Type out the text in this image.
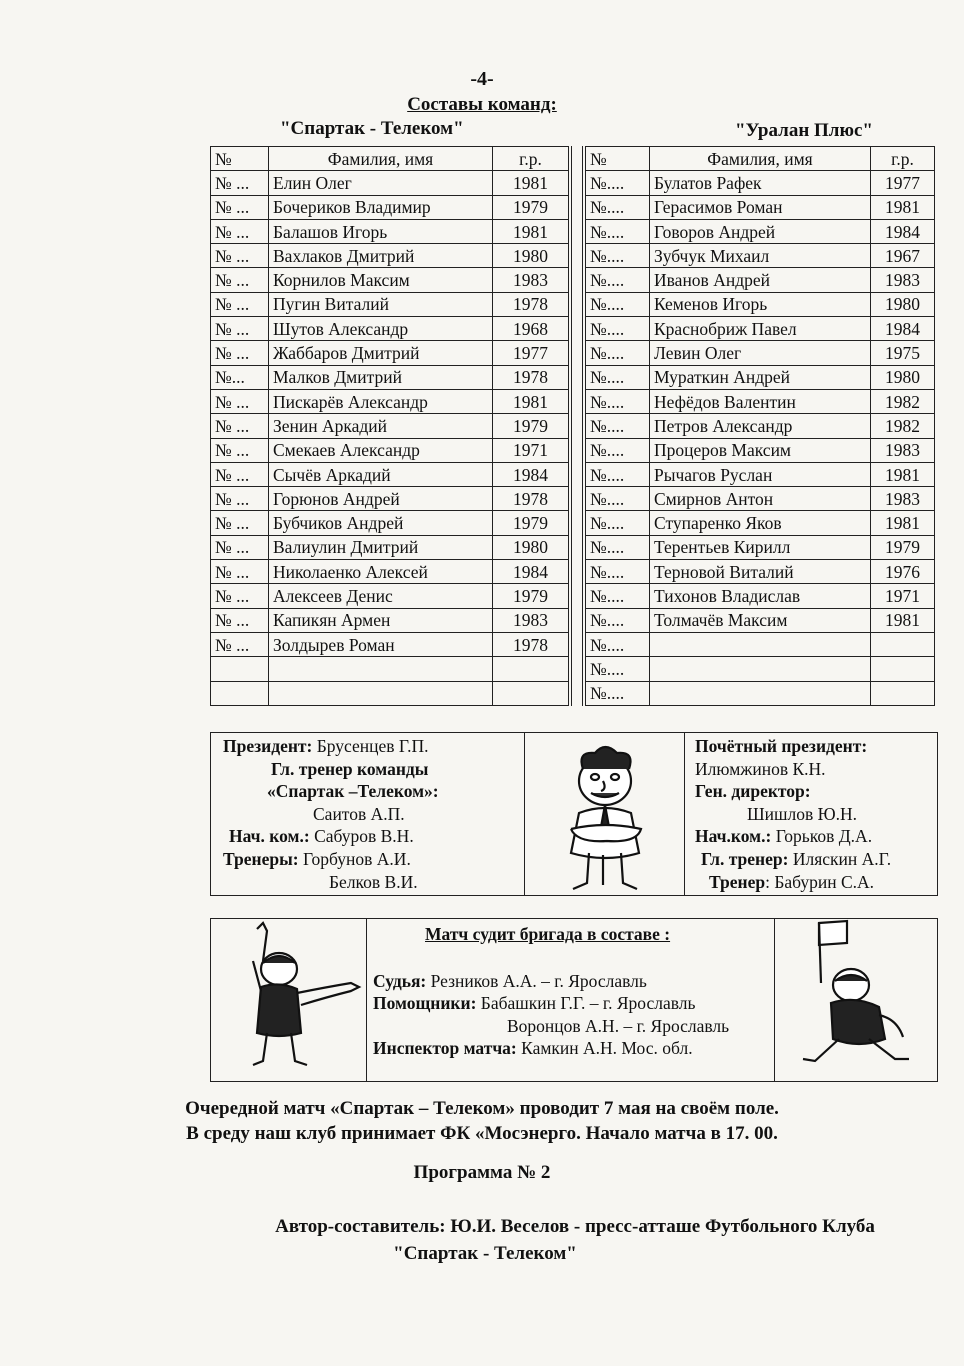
-4-
Составы команд:
"Спартак - Телеком"	"Уралан Плюс"
№	Фамилия, имя	г.р.
№ ...	Елин Олег	1981
№ ...	Бочериков Владимир	1979
№ ...	Балашов Игорь	1981
№ ...	Вахлаков Дмитрий	1980
№ ...	Корнилов Максим	1983
№ ...	Пугин Виталий	1978
№ ...	Шутов Александр	1968
№ ...	Жаббаров Дмитрий	1977
№...	Малков Дмитрий	1978
№ ...	Пискарёв Александр	1981
№ ...	Зенин Аркадий	1979
№ ...	Смекаев Александр	1971
№ ...	Сычёв Аркадий	1984
№ ...	Горюнов Андрей	1978
№ ...	Бубчиков Андрей	1979
№ ...	Валиулин Дмитрий	1980
№ ...	Николаенко Алексей	1984
№ ...	Алексеев Денис	1979
№ ...	Капикян Армен	1983
№ ...	Золдырев Роман	1978

№	Фамилия, имя	г.р.
№....	Булатов Рафек	1977
№....	Герасимов Роман	1981
№....	Говоров Андрей	1984
№....	Зубчук Михаил	1967
№....	Иванов Андрей	1983
№....	Кеменов Игорь	1980
№....	Краснобриж Павел	1984
№....	Левин Олег	1975
№....	Мураткин Андрей	1980
№....	Нефёдов Валентин	1982
№....	Петров Александр	1982
№....	Процеров Максим	1983
№....	Рычагов Руслан	1981
№....	Смирнов Антон	1983
№....	Ступаренко Яков	1981
№....	Терентьев Кирилл	1979
№....	Терновой Виталий	1976
№....	Тихонов Владислав	1971
№....	Толмачёв Максим	1981
№....		
№....		
№....		
Президент: Брусенцев Г.П.
Гл. тренер команды
«Спартак –Телеком»:
Саитов А.П.
Нач. ком.: Сабуров В.Н.
Тренеры: Горбунов А.И.
Белков В.И.
Почётный президент:
Илюмжинов К.Н.
Ген. директор:
Шишлов Ю.Н.
Нач.ком.: Горьков Д.А.
Гл. тренер: Иляскин А.Г.
Тренер: Бабурин С.А.
Матч судит бригада в составе :
Судья: Резников А.А. – г. Ярославль
Помощники: Бабашкин Г.Г. – г. Ярославль
Воронцов А.Н. – г. Ярославль
Инспектор матча: Камкин А.Н. Мос. обл.
Очередной матч «Спартак – Телеком» проводит 7 мая на своём поле.
В среду наш клуб принимает ФК «Мосэнерго. Начало матча в 17. 00.
Программа № 2
Автор-составитель: Ю.И. Веселов - пресс-атташе Футбольного Клуба
"Спартак - Телеком"
